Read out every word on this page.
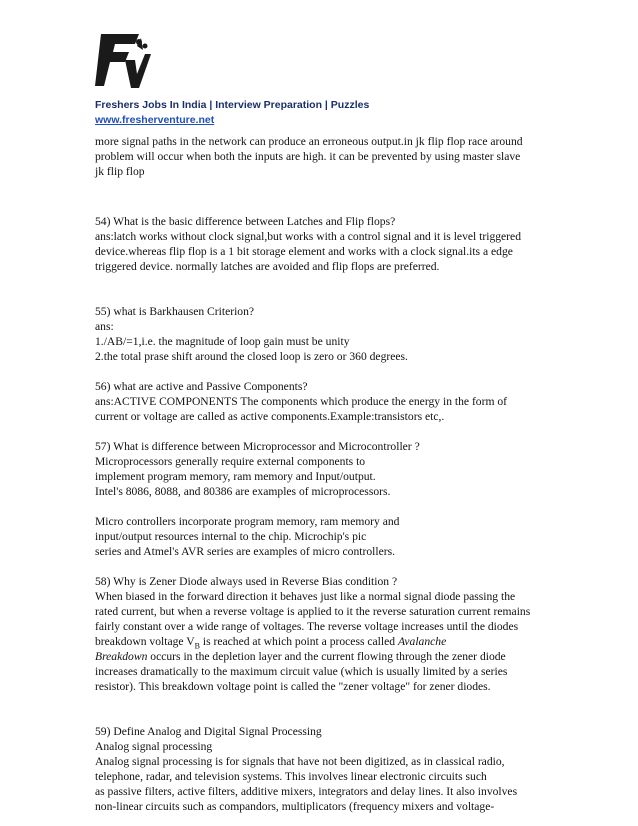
Freshers Jobs In India | Interview Preparation | Puzzles
www.fresherventure.net
more signal paths in the network can produce an erroneous output.in jk flip flop race around
problem will occur when both the inputs are high. it can be prevented by using master slave
jk flip flop
54) What is the basic difference between Latches and Flip flops?
ans:latch works without clock signal,but works with a control signal and it is level triggered
device.whereas flip flop is a 1 bit storage element and works with a clock signal.its a edge
triggered device. normally latches are avoided and flip flops are preferred.
55) what is Barkhausen Criterion?
ans:
1./AB/=1,i.e. the magnitude of loop gain must be unity
2.the total prase shift around the closed loop is zero or 360 degrees.
56) what are active and Passive Components?
ans:ACTIVE COMPONENTS The components which produce the energy in the form of
current or voltage are called as active components.Example:transistors etc,.
57) What is difference between Microprocessor and Microcontroller ?
Microprocessors generally require external components to
implement program memory, ram memory and Input/output.
Intel's 8086, 8088, and 80386 are examples of microprocessors.
Micro controllers incorporate program memory, ram memory and
input/output resources internal to the chip. Microchip's pic
series and Atmel's AVR series are examples of micro controllers.
58) Why is Zener Diode always used in Reverse Bias condition ?
When biased in the forward direction it behaves just like a normal signal diode passing the
rated current, but when a reverse voltage is applied to it the reverse saturation current remains
fairly constant over a wide range of voltages. The reverse voltage increases until the diodes
breakdown voltage $V_B$ is reached at which point a process called Avalanche
Breakdown occurs in the depletion layer and the current flowing through the zener diode
increases dramatically to the maximum circuit value (which is usually limited by a series
resistor). This breakdown voltage point is called the "zener voltage" for zener diodes.
59) Define Analog and Digital Signal Processing
Analog signal processing
Analog signal processing is for signals that have not been digitized, as in classical radio,
telephone, radar, and television systems. This involves linear electronic circuits such
as passive filters, active filters, additive mixers, integrators and delay lines. It also involves
non-linear circuits such as compandors, multiplicators (frequency mixers and voltage-
